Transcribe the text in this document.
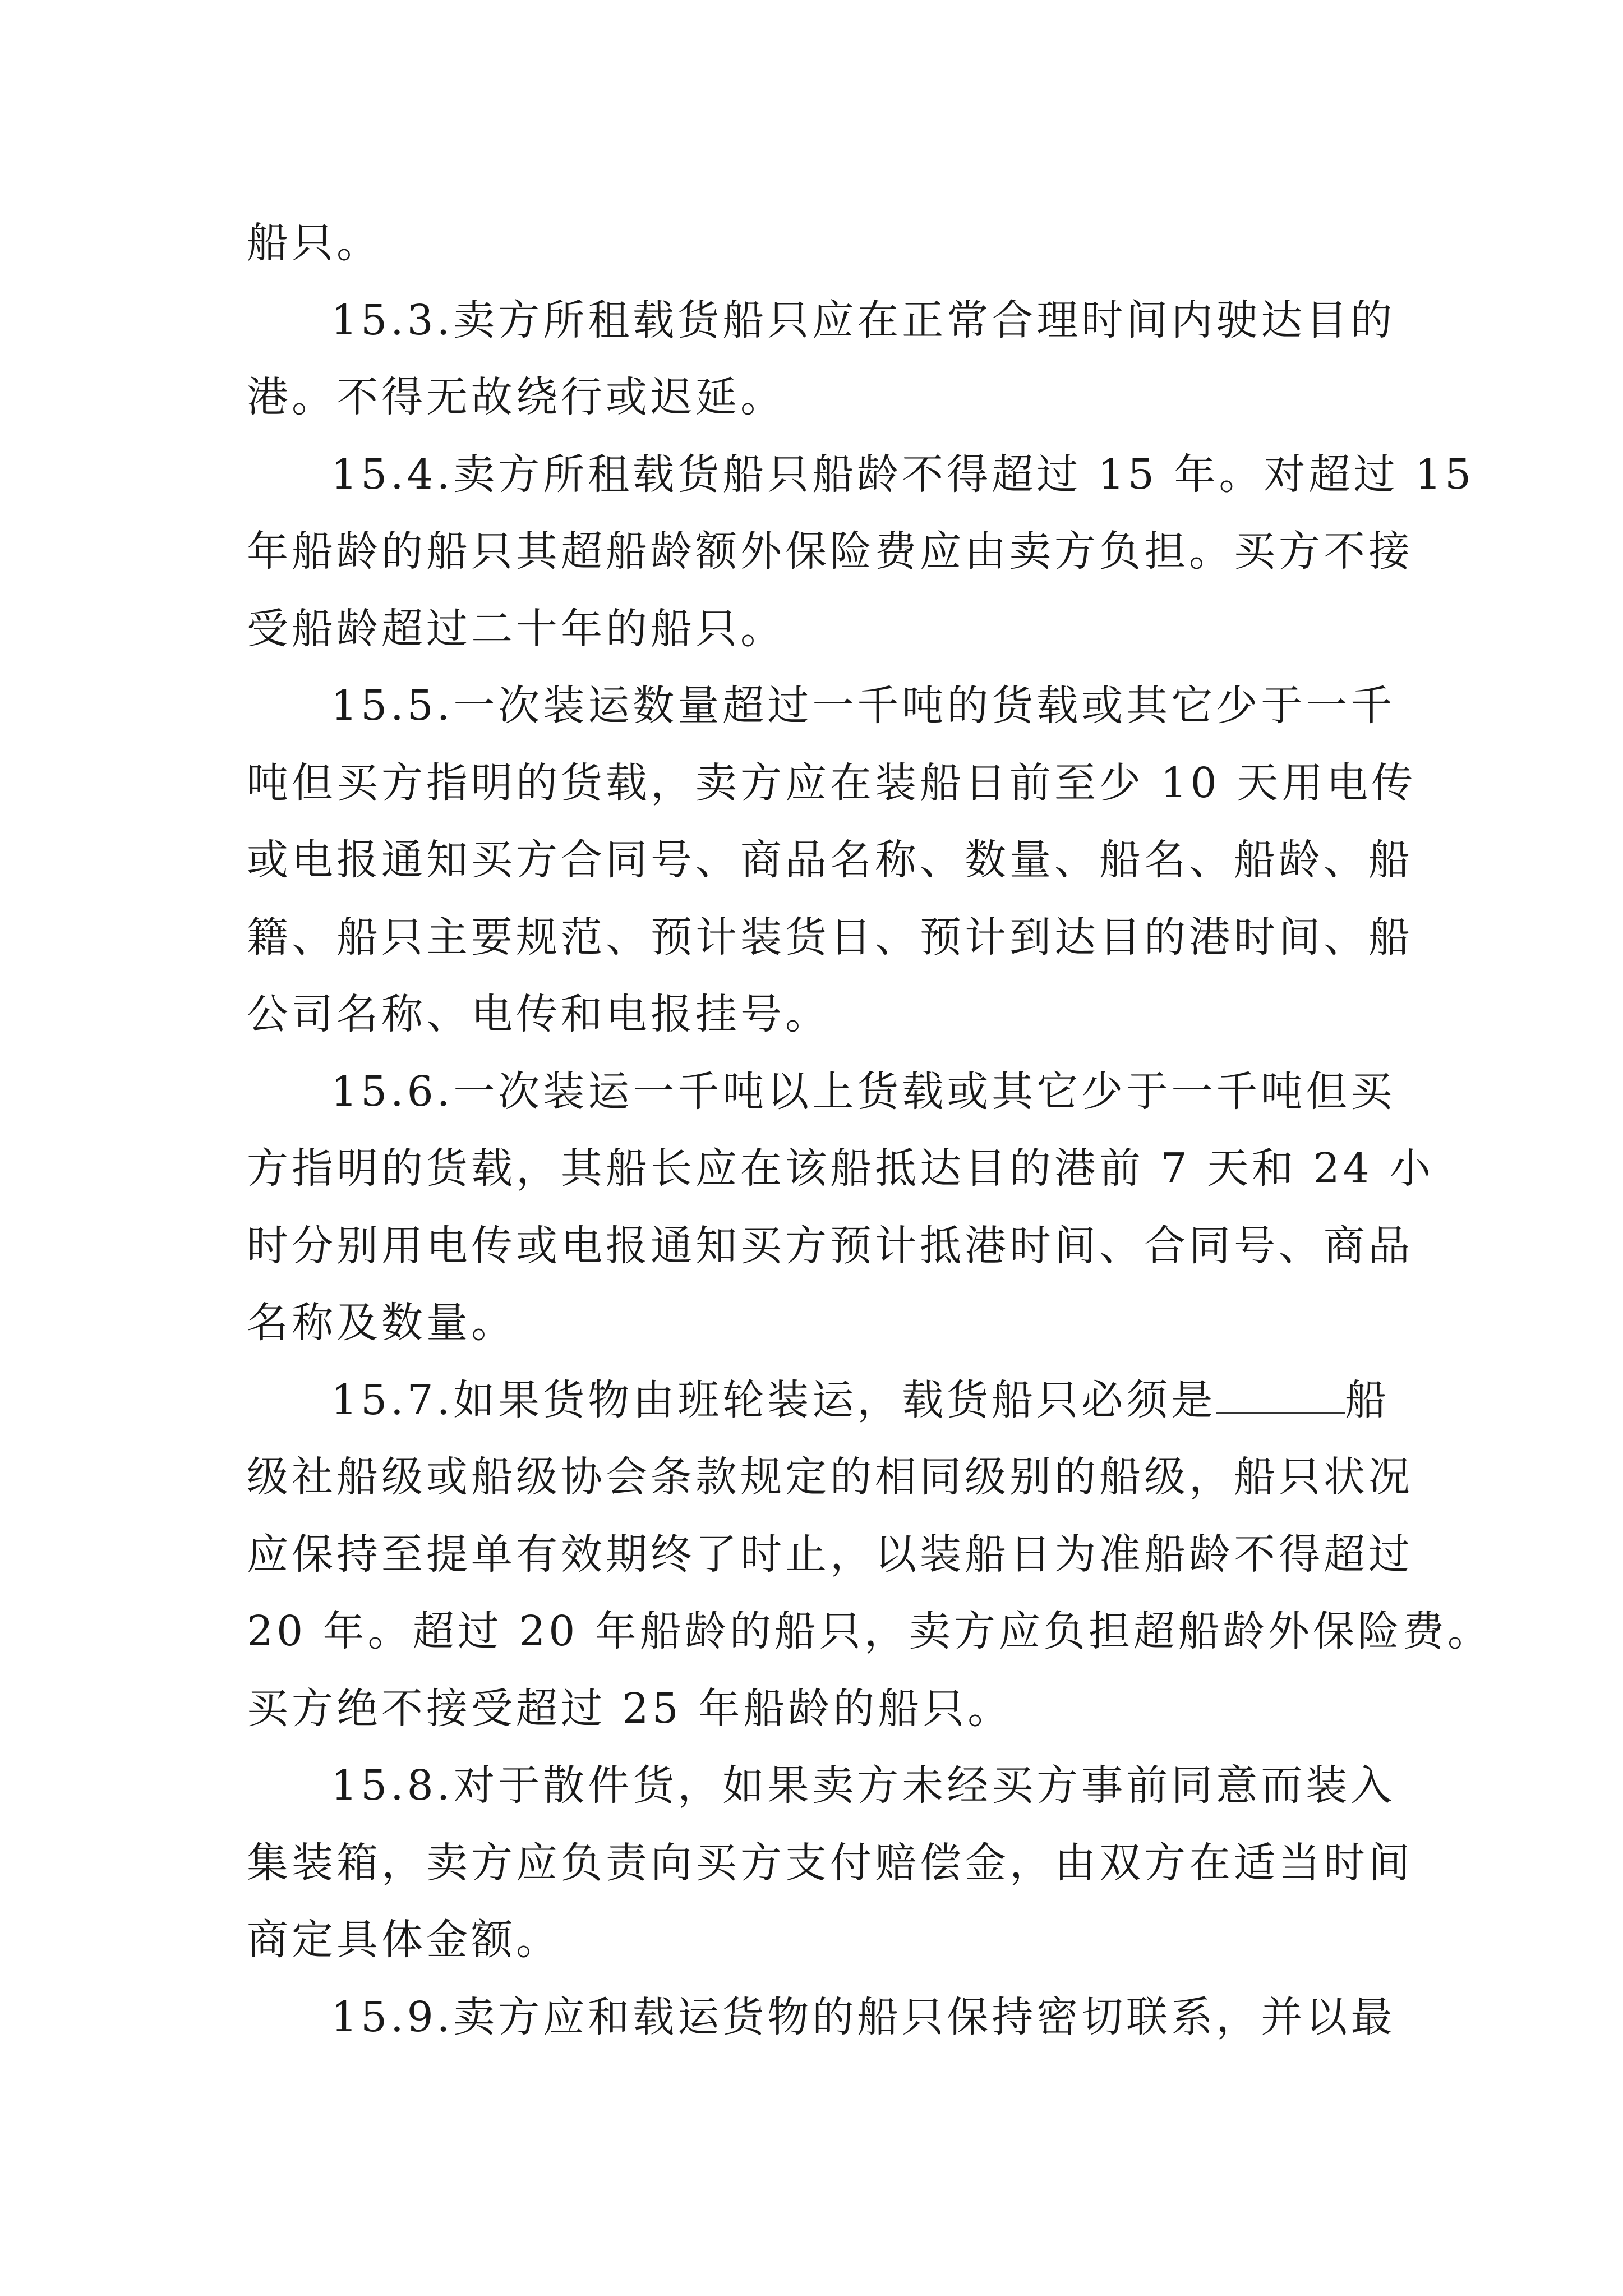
船只。
15.3.卖方所租载货船只应在正常合理时间内驶达目的
港。不得无故绕行或迟延。
15.4.卖方所租载货船只船龄不得超过 15 年。对超过 15
年船龄的船只其超船龄额外保险费应由卖方负担。买方不接
受船龄超过二十年的船只。
15.5.一次装运数量超过一千吨的货载或其它少于一千
吨但买方指明的货载，卖方应在装船日前至少 10 天用电传
或电报通知买方合同号、商品名称、数量、船名、船龄、船
籍、船只主要规范、预计装货日、预计到达目的港时间、船
公司名称、电传和电报挂号。
15.6.一次装运一千吨以上货载或其它少于一千吨但买
方指明的货载，其船长应在该船抵达目的港前 7 天和 24 小
时分别用电传或电报通知买方预计抵港时间、合同号、商品
名称及数量。
15.7.如果货物由班轮装运，载货船只必须是	船
级社船级或船级协会条款规定的相同级别的船级，船只状况
应保持至提单有效期终了时止，以装船日为准船龄不得超过
20 年。超过 20 年船龄的船只，卖方应负担超船龄外保险费。
买方绝不接受超过 25 年船龄的船只。
15.8.对于散件货，如果卖方未经买方事前同意而装入
集装箱，卖方应负责向买方支付赔偿金，由双方在适当时间
商定具体金额。
15.9.卖方应和载运货物的船只保持密切联系，并以最
